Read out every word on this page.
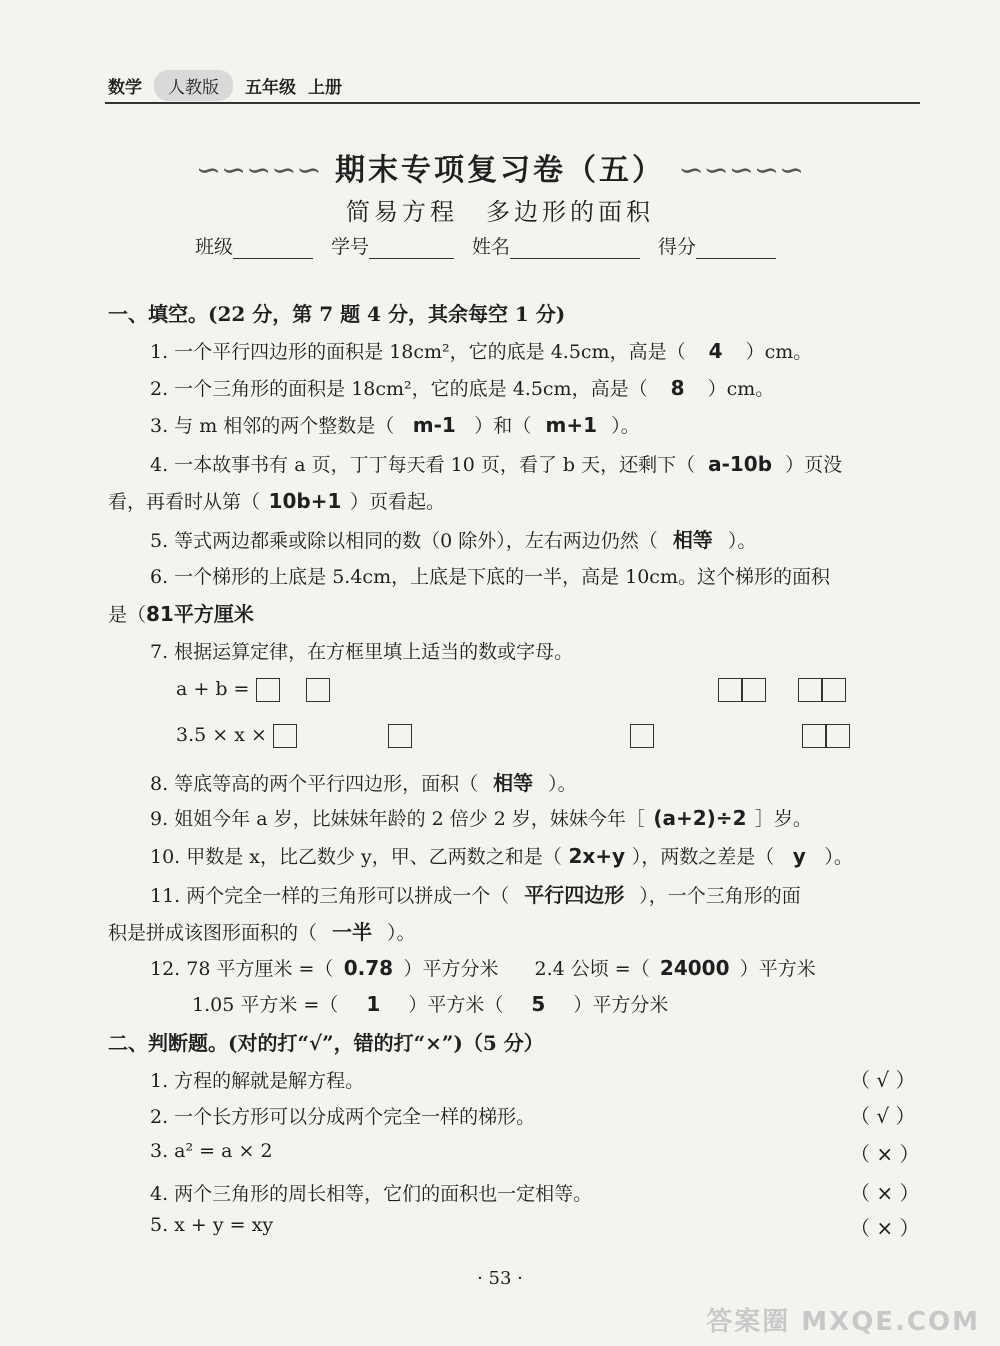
数学	人教版	五年级 上册
∽∽∽∽∽ 期末专项复习卷（五） ∽∽∽∽∽
简易方程　多边形的面积
班级	学号	姓名	得分
一、填空。(22 分，第 7 题 4 分，其余每空 1 分)
1. 一个平行四边形的面积是 18cm²，它的底是 4.5cm，高是（ 4 ）cm。
2. 一个三角形的面积是 18cm²，它的底是 4.5cm，高是（ 8 ）cm。
3. 与 m 相邻的两个整数是（ m-1 ）和（ m+1 ）。
4. 一本故事书有 a 页，丁丁每天看 10 页，看了 b 天，还剩下（ a-10b ）页没
看，再看时从第（ 10b+1 ）页看起。
5. 等式两边都乘或除以相同的数（0 除外），左右两边仍然（ 相等 ）。
6. 一个梯形的上底是 5.4cm，上底是下底的一半，高是 10cm。这个梯形的面积
是（81平方厘米
7. 根据运算定律，在方框里填上适当的数或字母。
a + b =

3.5 × x ×
8. 等底等高的两个平行四边形，面积（ 相等 ）。
9. 姐姐今年 a 岁，比妹妹年龄的 2 倍少 2 岁，妹妹今年［ (a+2)÷2 ］岁。
10. 甲数是 x，比乙数少 y，甲、乙两数之和是（ 2x+y ），两数之差是（ y ）。
11. 两个完全一样的三角形可以拼成一个（ 平行四边形 ），一个三角形的面
积是拼成该图形面积的（ 一半 ）。
12. 78 平方厘米 =（ 0.78 ）平方分米 2.4 公顷 =（ 24000 ）平方米
1.05 平方米 =（ 1 ）平方米（ 5 ）平方分米
二、判断题。(对的打“√”，错的打“×”)（5 分）
1. 方程的解就是解方程。	（ √ ）
2. 一个长方形可以分成两个完全一样的梯形。	（ √ ）
3. a² = a × 2	（ × ）
4. 两个三角形的周长相等，它们的面积也一定相等。	（ × ）
5. x + y = xy	（ × ）
· 53 ·
答案圈 MXQE.COM
